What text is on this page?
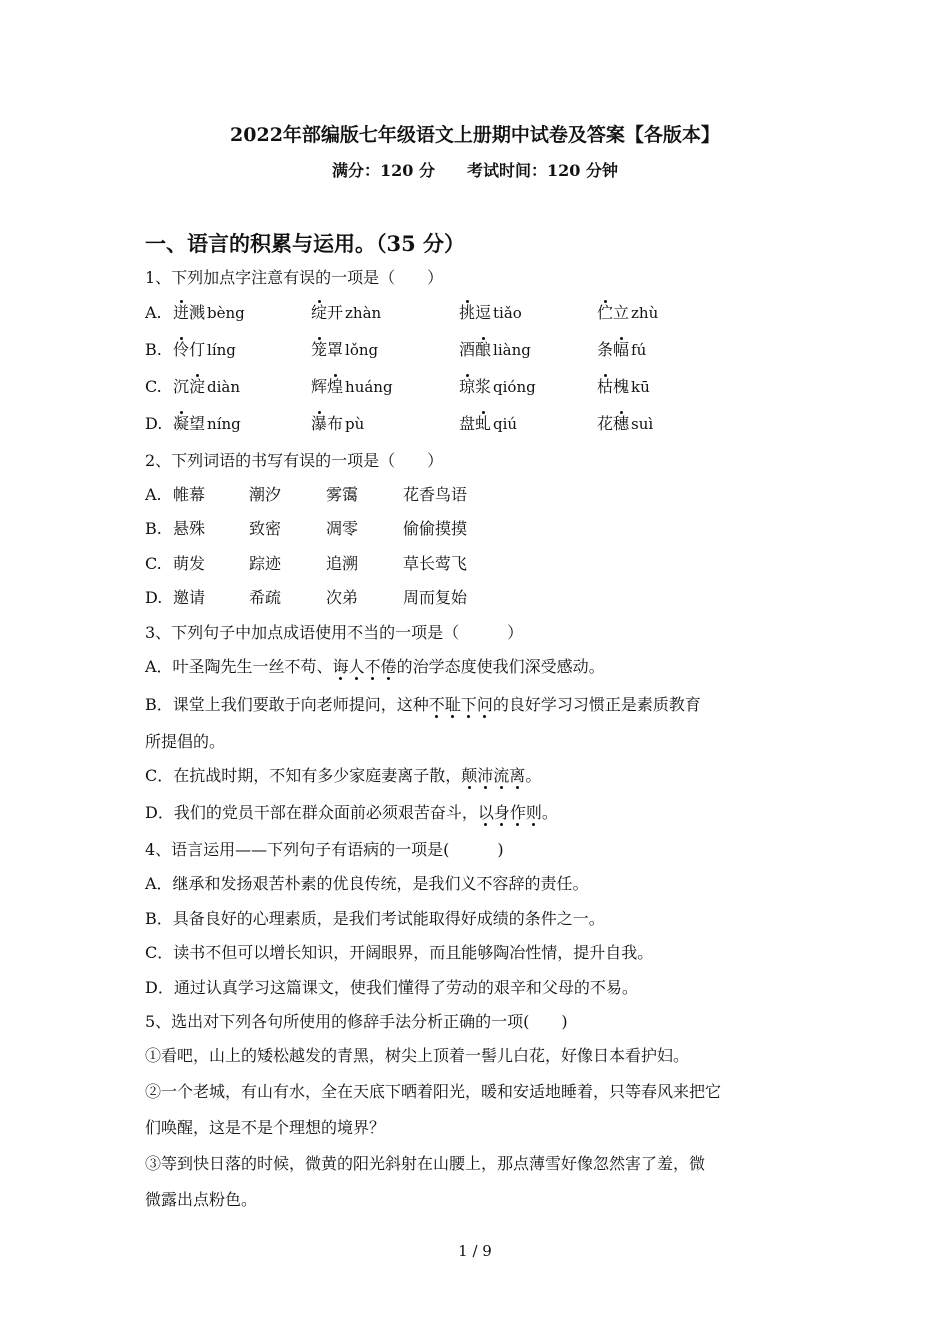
2022年部编版七年级语文上册期中试卷及答案【各版本】
满分：120 分　　考试时间：120 分钟
一、语言的积累与运用。（35 分）
1、下列加点字注意有误的一项是（　　）
A. 迸溅 bèng	绽开 zhàn	挑逗 tiǎo	伫立 zhù
B. 伶仃 líng	笼罩 lǒng	酒酿 liàng	条幅 fú
C. 沉淀 diàn	辉煌 huáng	琼浆 qióng	枯槐 kū
D. 凝望 níng	瀑布 pù	盘虬 qiú	花穗 suì
2、下列词语的书写有误的一项是（　　）
A. 帷幕	潮汐	雾霭	花香鸟语
B. 悬殊	致密	凋零	偷偷摸摸
C. 萌发	踪迹	追溯	草长莺飞
D. 邀请	希疏	次弟	周而复始
3、下列句子中加点成语使用不当的一项是（　　　）
A．叶圣陶先生一丝不苟、诲人不倦的治学态度使我们深受感动。
B．课堂上我们要敢于向老师提问，这种不耻下问的良好学习习惯正是素质教育
所提倡的。
C．在抗战时期，不知有多少家庭妻离子散，颠沛流离。
D．我们的党员干部在群众面前必须艰苦奋斗，以身作则。
4、语言运用——下列句子有语病的一项是(　　　)
A．继承和发扬艰苦朴素的优良传统，是我们义不容辞的责任。
B．具备良好的心理素质，是我们考试能取得好成绩的条件之一。
C．读书不但可以增长知识，开阔眼界，而且能够陶冶性情，提升自我。
D．通过认真学习这篇课文，使我们懂得了劳动的艰辛和父母的不易。
5、选出对下列各句所使用的修辞手法分析正确的一项(　　)
①看吧，山上的矮松越发的青黑，树尖上顶着一髻儿白花，好像日本看护妇。
②一个老城，有山有水，全在天底下晒着阳光，暖和安适地睡着，只等春风来把它
们唤醒，这是不是个理想的境界？
③等到快日落的时候，微黄的阳光斜射在山腰上，那点薄雪好像忽然害了羞，微
微露出点粉色。
1 / 9
